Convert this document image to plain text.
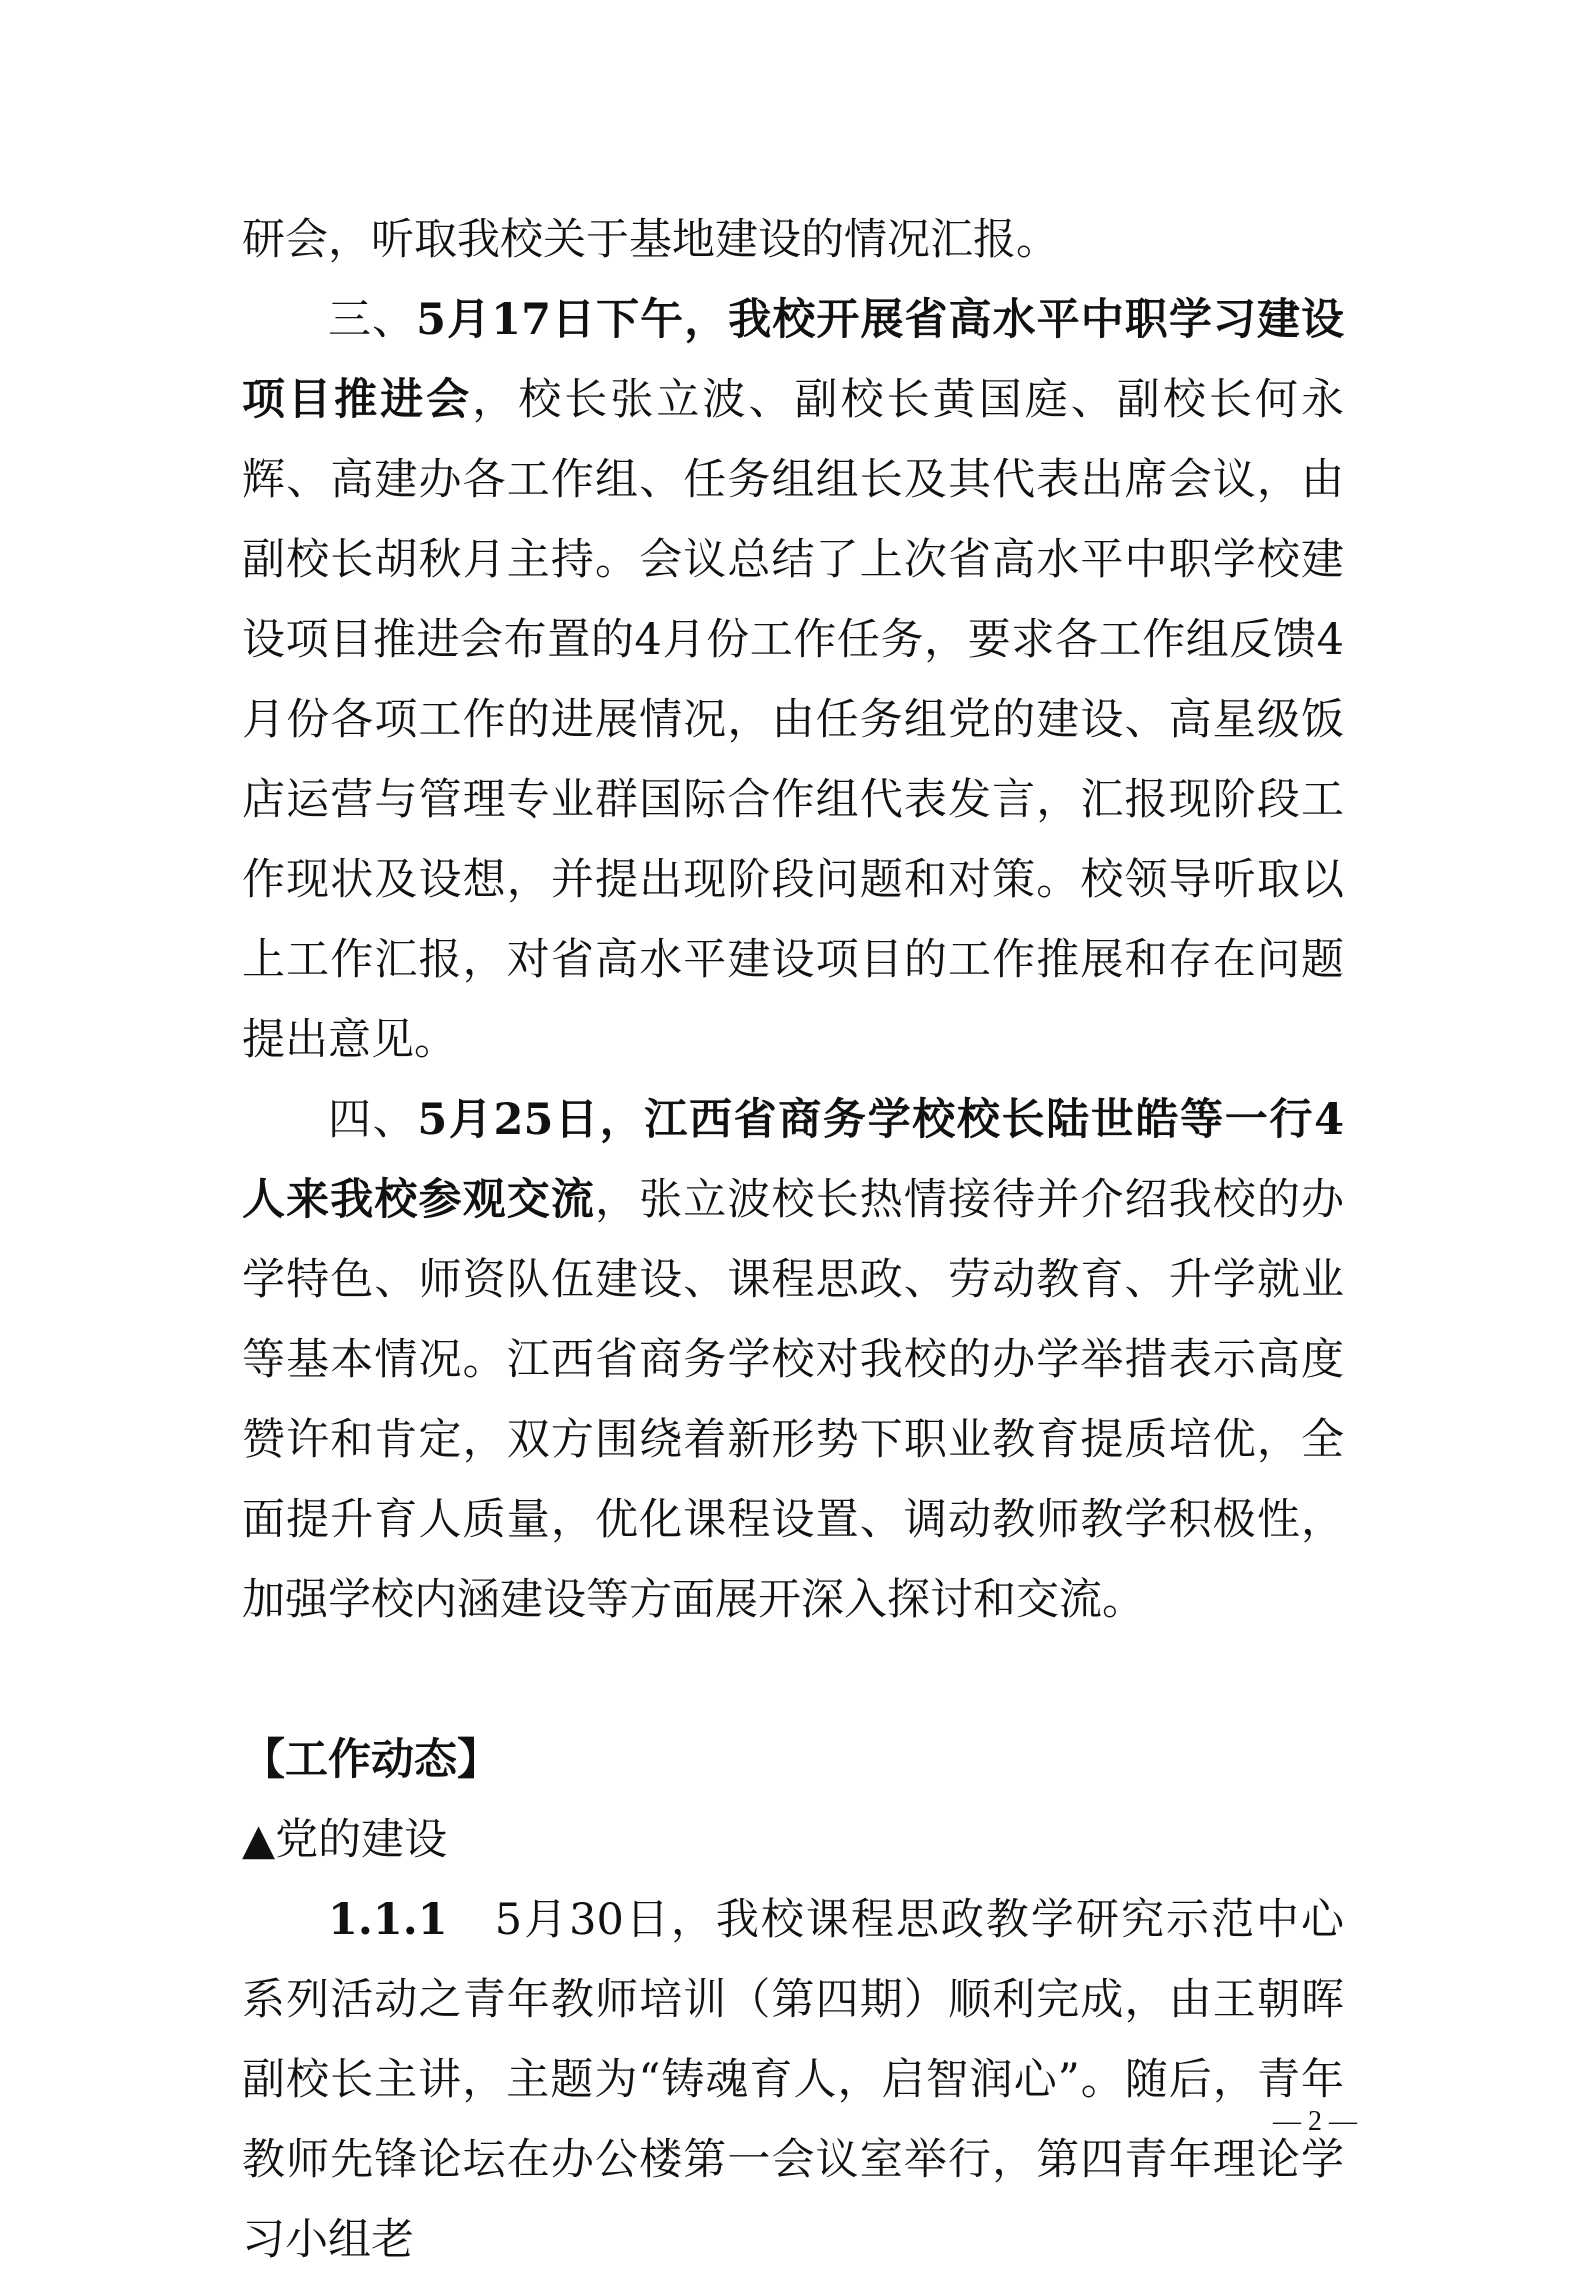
研会，听取我校关于基地建设的情况汇报。

三、5月17日下午，我校开展省高水平中职学习建设项目推进会，校长张立波、副校长黄国庭、副校长何永辉、高建办各工作组、任务组组长及其代表出席会议，由副校长胡秋月主持。会议总结了上次省高水平中职学校建设项目推进会布置的4月份工作任务，要求各工作组反馈4月份各项工作的进展情况，由任务组党的建设、高星级饭店运营与管理专业群国际合作组代表发言，汇报现阶段工作现状及设想，并提出现阶段问题和对策。校领导听取以上工作汇报，对省高水平建设项目的工作推展和存在问题提出意见。

四、5月25日，江西省商务学校校长陆世皓等一行4人来我校参观交流，张立波校长热情接待并介绍我校的办学特色、师资队伍建设、课程思政、劳动教育、升学就业等基本情况。江西省商务学校对我校的办学举措表示高度赞许和肯定，双方围绕着新形势下职业教育提质培优，全面提升育人质量，优化课程设置、调动教师教学积极性，加强学校内涵建设等方面展开深入探讨和交流。

【工作动态】

▲党的建设

1.1.1　5月30日，我校课程思政教学研究示范中心系列活动之青年教师培训（第四期）顺利完成，由王朝晖副校长主讲，主题为“铸魂育人，启智润心”。随后，青年教师先锋论坛在办公楼第一会议室举行，第四青年理论学习小组老

— 2 —
